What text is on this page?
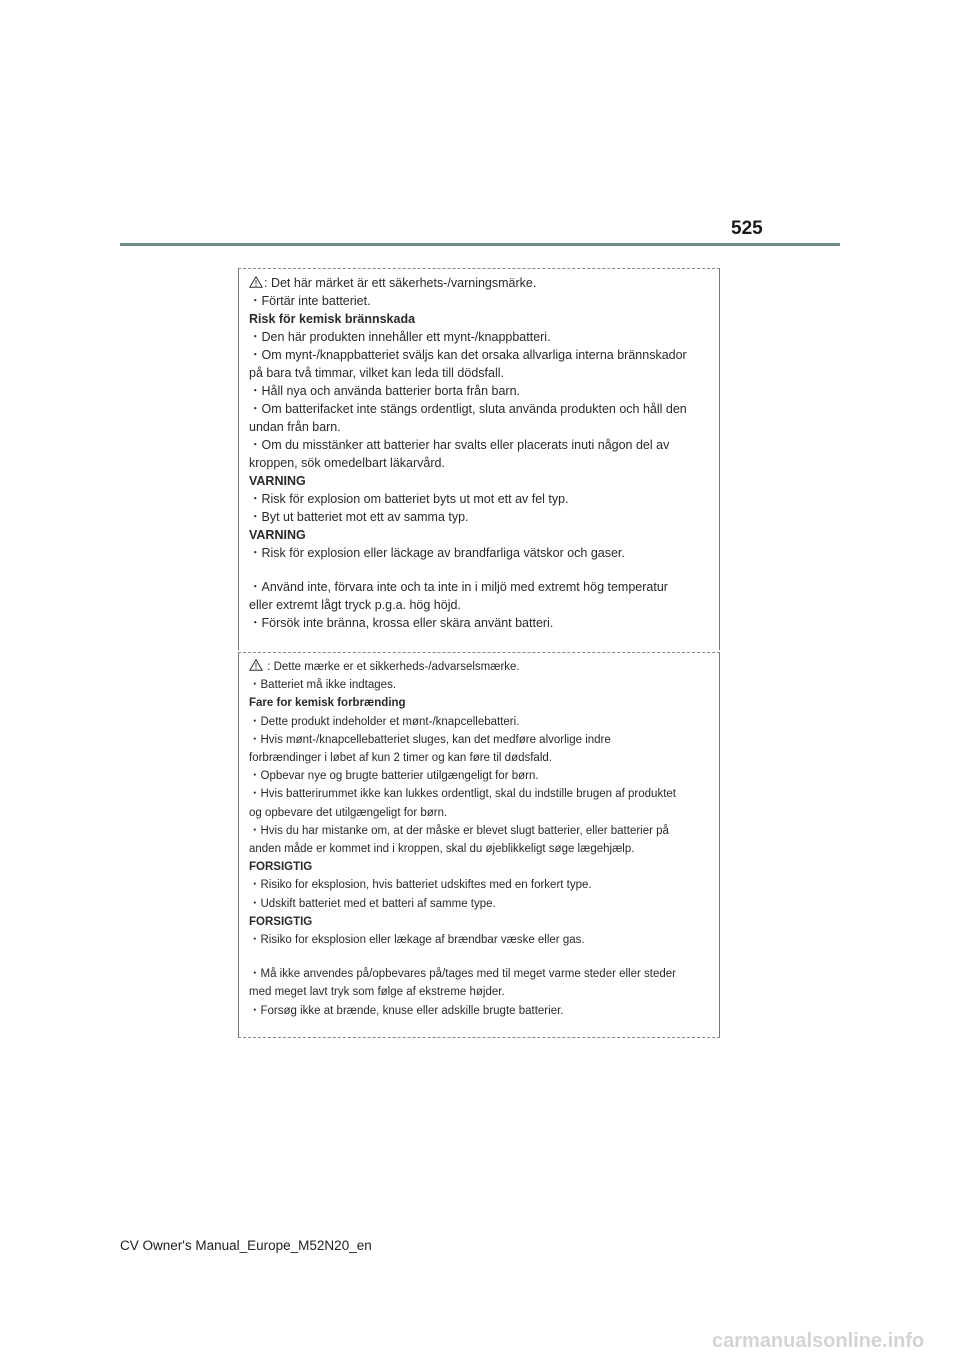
525
: Det här märket är ett säkerhets-/varningsmärke.
・Förtär inte batteriet.
Risk för kemisk brännskada
・Den här produkten innehåller ett mynt-/knappbatteri.
・Om mynt-/knappbatteriet sväljs kan det orsaka allvarliga interna brännskador
på bara två timmar, vilket kan leda till dödsfall.
・Håll nya och använda batterier borta från barn.
・Om batterifacket inte stängs ordentligt, sluta använda produkten och håll den
undan från barn.
・Om du misstänker att batterier har svalts eller placerats inuti någon del av
kroppen, sök omedelbart läkarvård.
VARNING
・Risk för explosion om batteriet byts ut mot ett av fel typ.
・Byt ut batteriet mot ett av samma typ.
VARNING
・Risk för explosion eller läckage av brandfarliga vätskor och gaser.
・Använd inte, förvara inte och ta inte in i miljö med extremt hög temperatur
eller extremt lågt tryck p.g.a. hög höjd.
・Försök inte bränna, krossa eller skära använt batteri.
: Dette mærke er et sikkerheds-/advarselsmærke.
・Batteriet må ikke indtages.
Fare for kemisk forbrænding
・Dette produkt indeholder et mønt-/knapcellebatteri.
・Hvis mønt-/knapcellebatteriet sluges, kan det medføre alvorlige indre
forbrændinger i løbet af kun 2 timer og kan føre til dødsfald.
・Opbevar nye og brugte batterier utilgængeligt for børn.
・Hvis batterirummet ikke kan lukkes ordentligt, skal du indstille brugen af produktet
og opbevare det utilgængeligt for børn.
・Hvis du har mistanke om, at der måske er blevet slugt batterier, eller batterier på
anden måde er kommet ind i kroppen, skal du øjeblikkeligt søge lægehjælp.
FORSIGTIG
・Risiko for eksplosion, hvis batteriet udskiftes med en forkert type.
・Udskift batteriet med et batteri af samme type.
FORSIGTIG
・Risiko for eksplosion eller lækage af brændbar væske eller gas.
・Må ikke anvendes på/opbevares på/tages med til meget varme steder eller steder
med meget lavt tryk som følge af ekstreme højder.
・Forsøg ikke at brænde, knuse eller adskille brugte batterier.
CV Owner's Manual_Europe_M52N20_en
carmanualsonline.info
